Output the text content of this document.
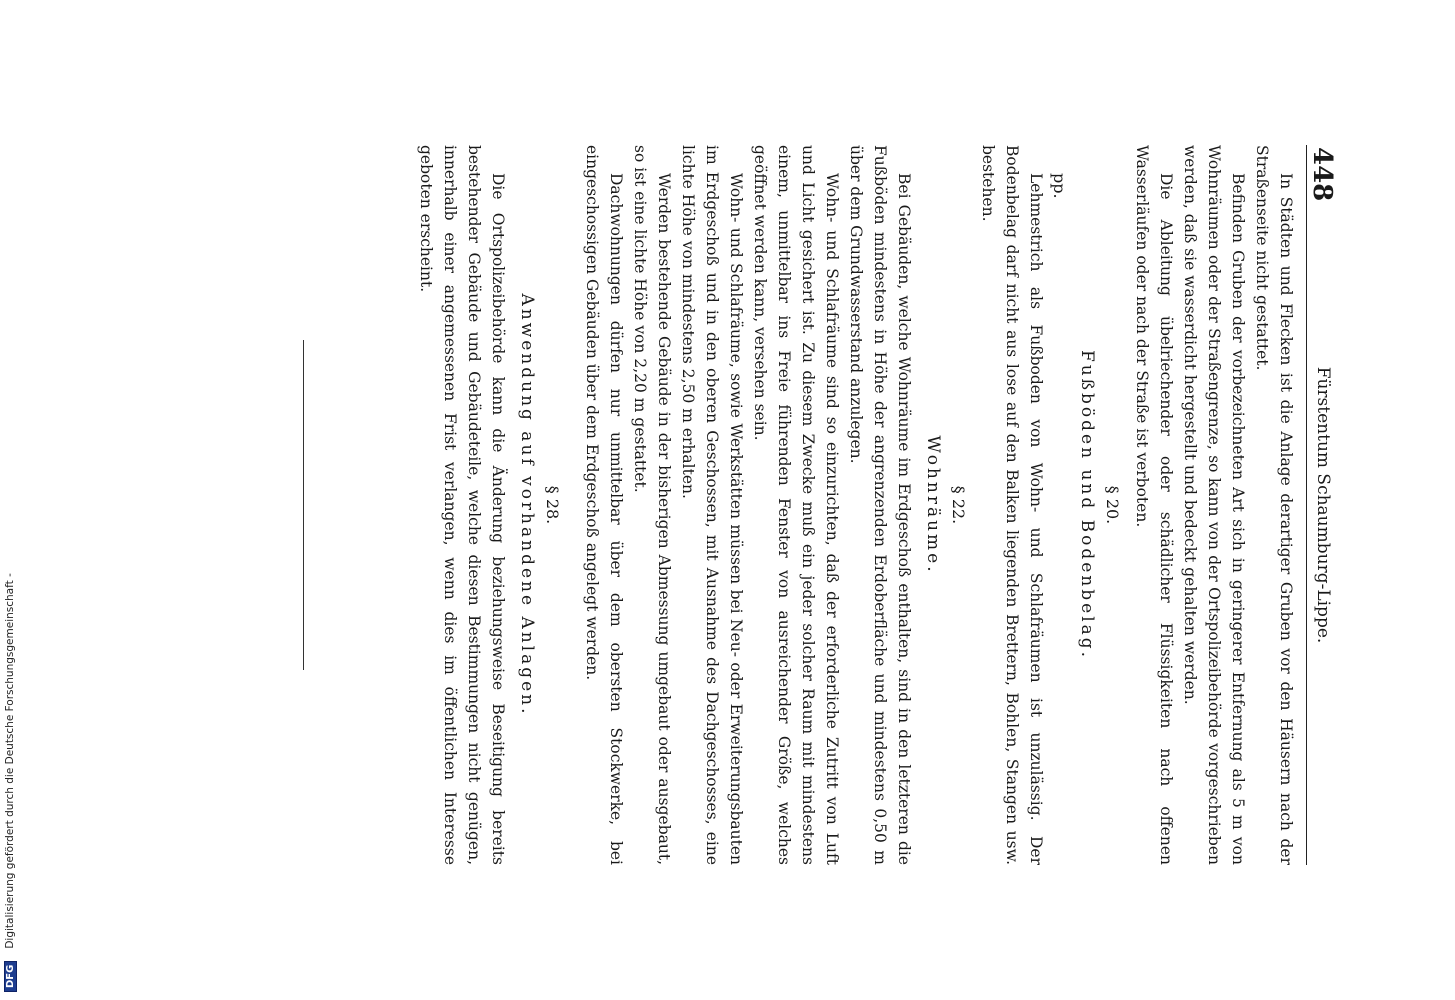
448
Fürstentum Schaumburg-Lippe.

In Städten und Flecken ist die Anlage derartiger Gruben vor den Häusern nach der Straßenseite nicht gestattet.

Befinden Gruben der vorbezeichneten Art sich in geringerer Entfernung als 5 m von Wohnräumen oder der Straßengrenze, so kann von der Ortspolizeibehörde vorgeschrieben werden, daß sie wasserdicht hergestellt und bedeckt gehalten werden.

Die Ableitung übelriechender oder schädlicher Flüssigkeiten nach offenen Wasserläufen oder nach der Straße ist verboten.

§ 20.
Fußböden und Bodenbelag.
pp.

Lehmestrich als Fußboden von Wohn- und Schlafräumen ist unzulässig. Der Bodenbelag darf nicht aus lose auf den Balken liegenden Brettern, Bohlen, Stangen usw. bestehen.

§ 22.
Wohnräume.

Bei Gebäuden, welche Wohnräume im Erdgeschoß enthalten, sind in den letzteren die Fußböden mindestens in Höhe der angrenzenden Erdoberfläche und mindestens 0,50 m über dem Grundwasserstand anzulegen.

Wohn- und Schlafräume sind so einzurichten, daß der erforderliche Zutritt von Luft und Licht gesichert ist. Zu diesem Zwecke muß ein jeder solcher Raum mit mindestens einem, unmittelbar ins Freie führenden Fenster von ausreichender Größe, welches geöffnet werden kann, versehen sein.

Wohn- und Schlafräume, sowie Werkstätten müssen bei Neu- oder Erweiterungsbauten im Erdgeschoß und in den oberen Geschossen, mit Ausnahme des Dachgeschosses, eine lichte Höhe von mindestens 2,50 m erhalten.

Werden bestehende Gebäude in der bisherigen Abmessung umgebaut oder ausgebaut, so ist eine lichte Höhe von 2,20 m gestattet.

Dachwohnungen dürfen nur unmittelbar über dem obersten Stockwerke, bei eingeschossigen Gebäuden über dem Erdgeschoß angelegt werden.

§ 28.
Anwendung auf vorhandene Anlagen.

Die Ortspolizeibehörde kann die Änderung beziehungsweise Beseitigung bereits bestehender Gebäude und Gebäudeteile, welche diesen Bestimmungen nicht genügen, innerhalb einer angemessenen Frist verlangen, wenn dies im öffentlichen Interesse geboten erscheint.

DFG
Digitalisierung gefördert durch die Deutsche Forschungsgemeinschaft -
